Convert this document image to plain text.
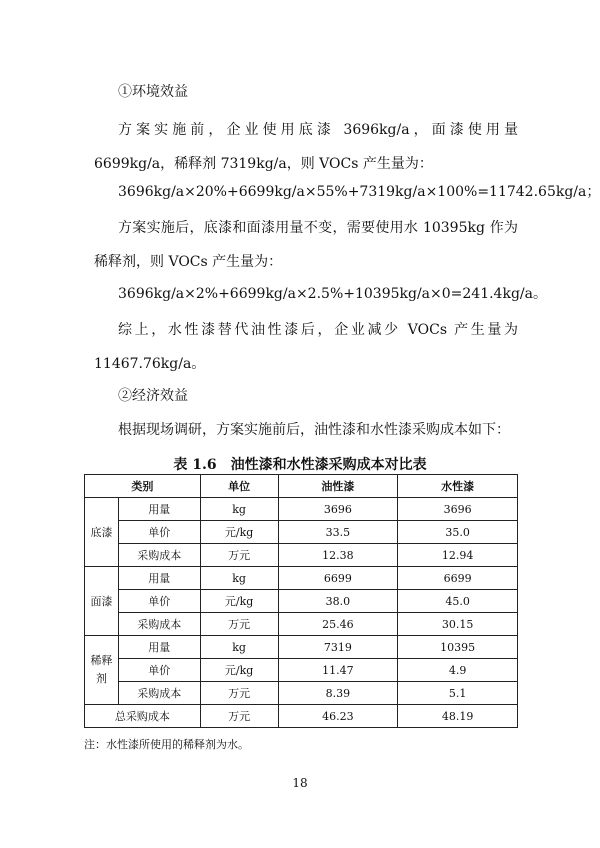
①环境效益
方案实施前，企业使用底漆 3696kg/a，面漆使用量 6699kg/a，稀释剂 7319kg/a，则 VOCs 产生量为：
3696kg/a×20%+6699kg/a×55%+7319kg/a×100%=11742.65kg/a；
方案实施后，底漆和面漆用量不变，需要使用水 10395kg 作为稀释剂，则 VOCs 产生量为：
3696kg/a×2%+6699kg/a×2.5%+10395kg/a×0=241.4kg/a。
综上，水性漆替代油性漆后，企业减少 VOCs 产生量为 11467.76kg/a。
②经济效益
根据现场调研，方案实施前后，油性漆和水性漆采购成本如下：
表 1.6　油性漆和水性漆采购成本对比表
类别		单位	油性漆	水性漆
底漆	用量	kg	3696	3696
	单价	元/kg	33.5	35.0
	采购成本	万元	12.38	12.94
面漆	用量	kg	6699	6699
	单价	元/kg	38.0	45.0
	采购成本	万元	25.46	30.15
稀释剂	用量	kg	7319	10395
	单价	元/kg	11.47	4.9
	采购成本	万元	8.39	5.1
总采购成本		万元	46.23	48.19
注：水性漆所使用的稀释剂为水。
18
